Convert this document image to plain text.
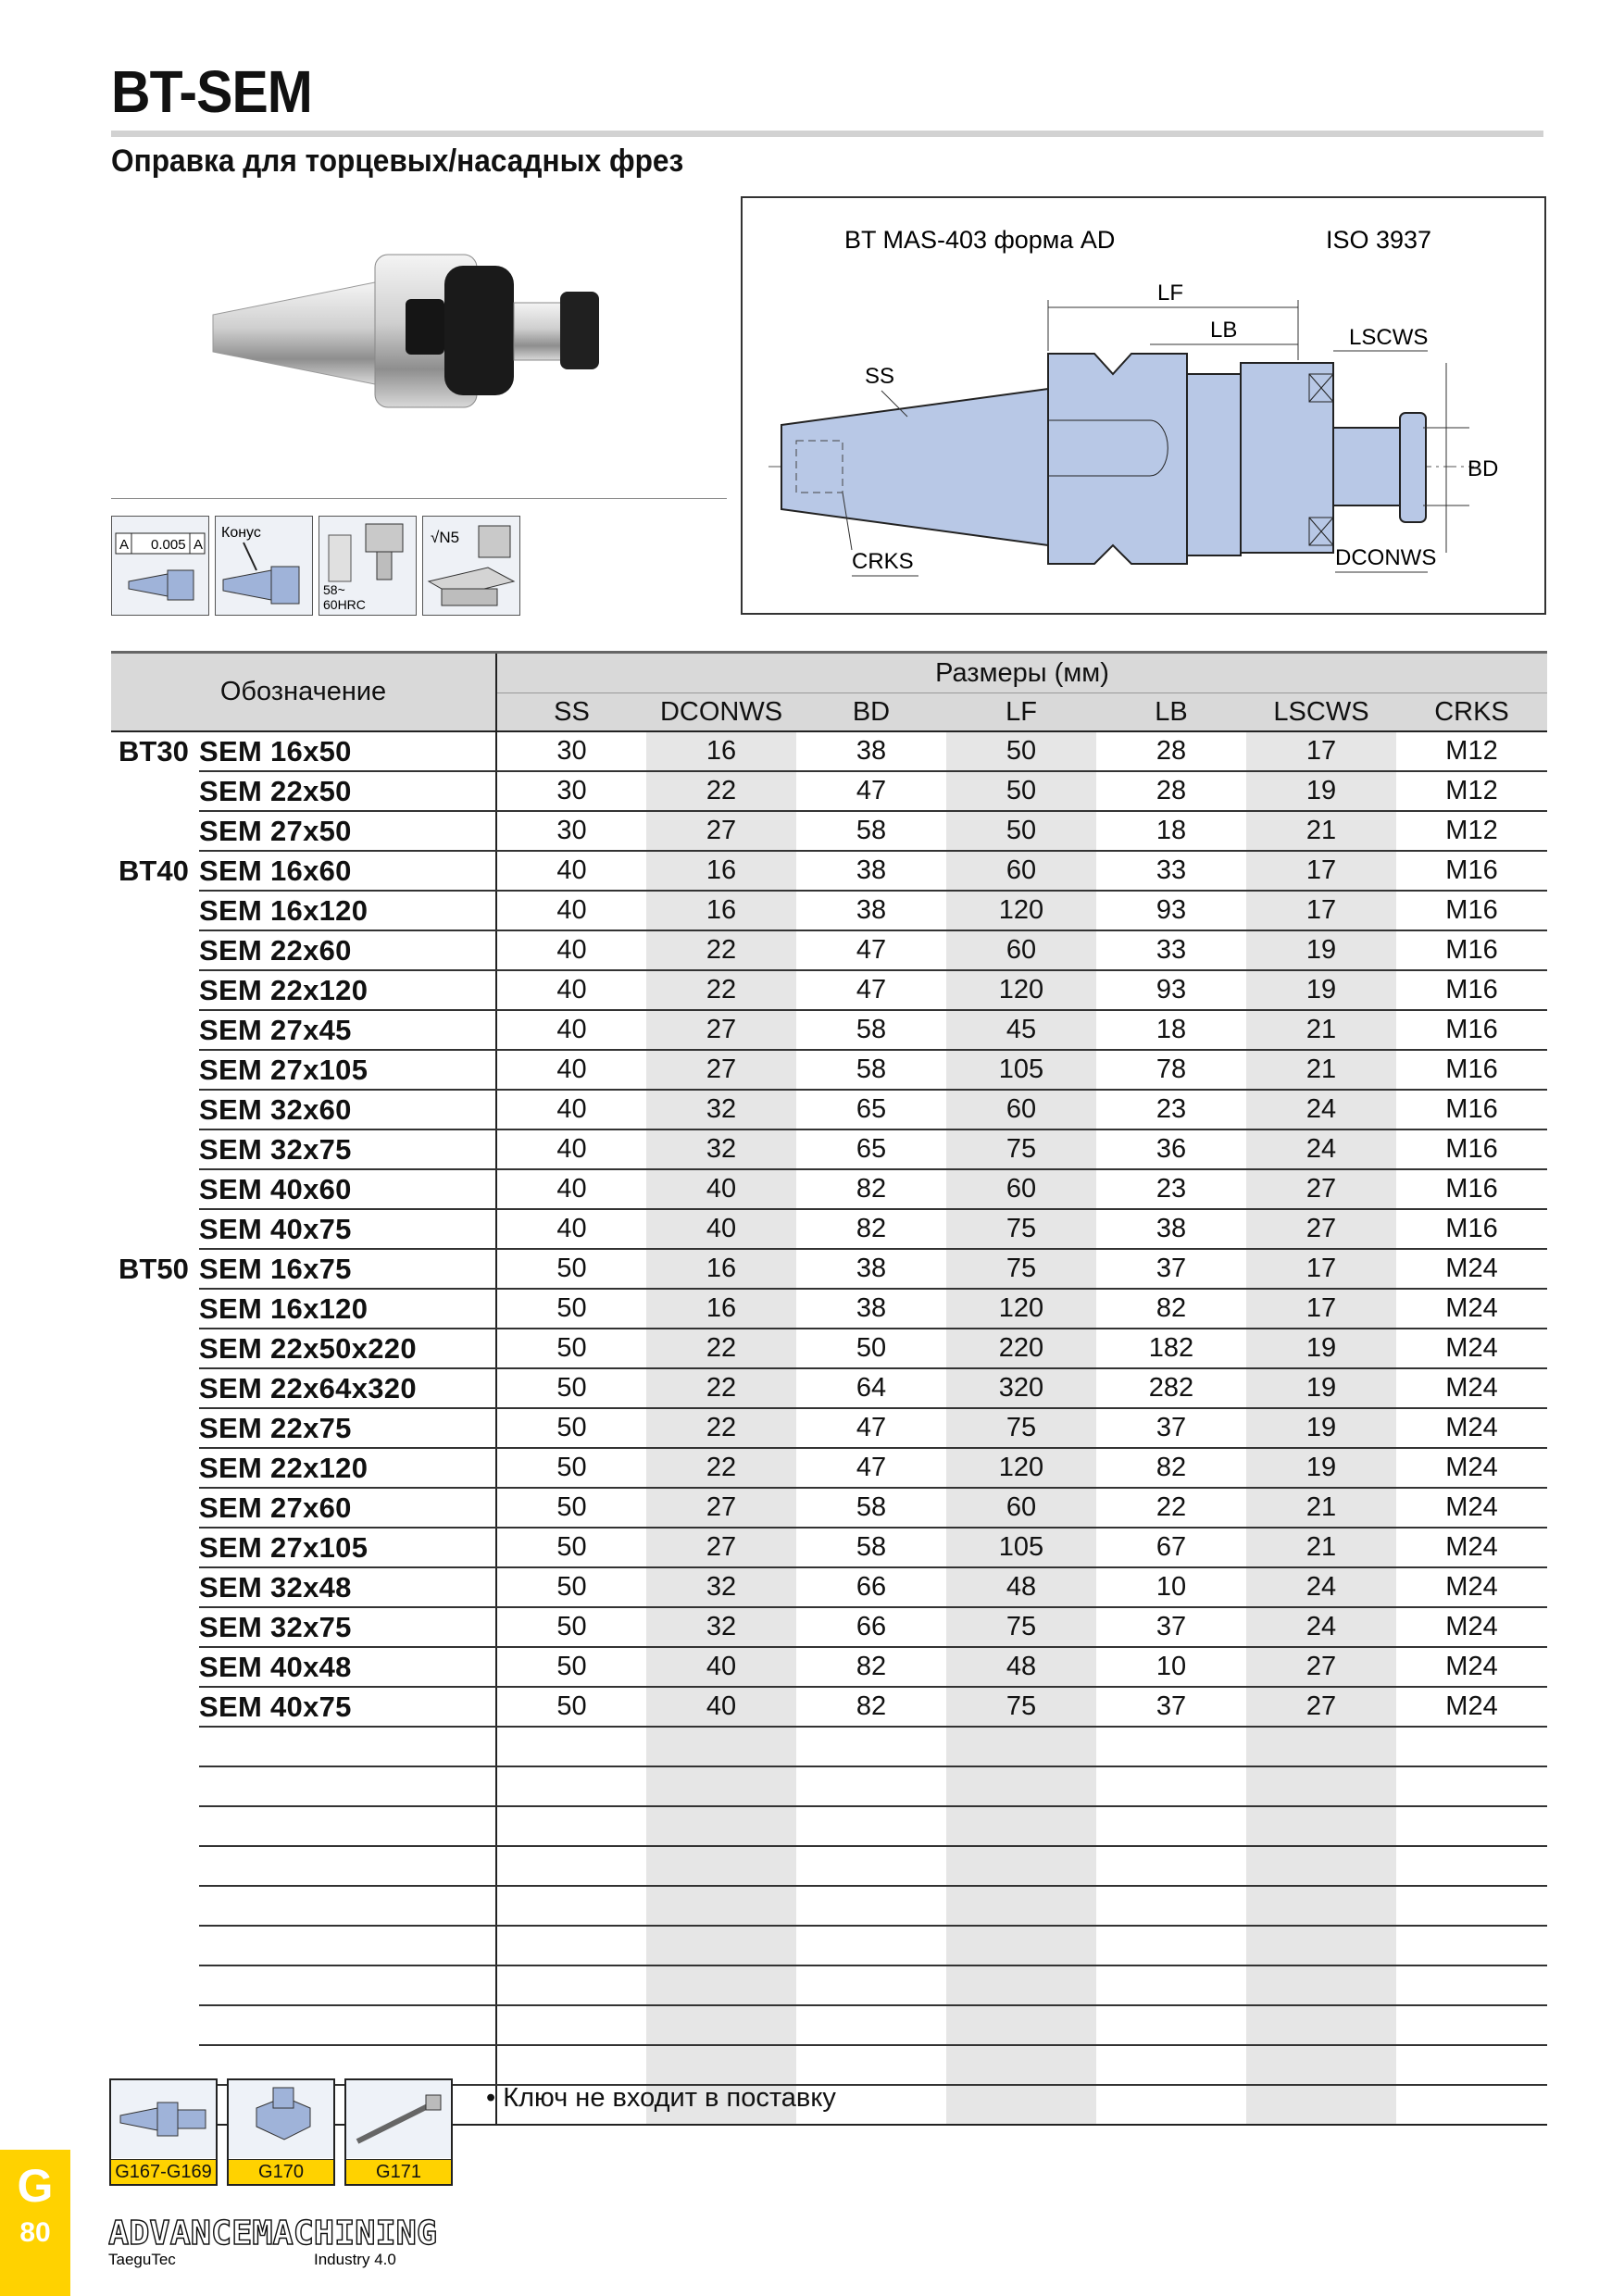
BT-SEM
Оправка для торцевых/насадных фрез
A 0.005 A
Конус
58~
60HRC
√N5
BT MAS-403 форма AD	ISO 3937
LF
LB	LSCWS
SS
BD
CRKS	DCONWS
Обозначение		Размеры (мм)						
		SS	DCONWS	BD	LF	LB	LSCWS	CRKS
BT30	SEM 16x50	30	16	38	50	28	17	M12
	SEM 22x50	30	22	47	50	28	19	M12
	SEM 27x50	30	27	58	50	18	21	M12
BT40	SEM 16x60	40	16	38	60	33	17	M16
	SEM 16x120	40	16	38	120	93	17	M16
	SEM 22x60	40	22	47	60	33	19	M16
	SEM 22x120	40	22	47	120	93	19	M16
	SEM 27x45	40	27	58	45	18	21	M16
	SEM 27x105	40	27	58	105	78	21	M16
	SEM 32x60	40	32	65	60	23	24	M16
	SEM 32x75	40	32	65	75	36	24	M16
	SEM 40x60	40	40	82	60	23	27	M16
	SEM 40x75	40	40	82	75	38	27	M16
BT50	SEM 16x75	50	16	38	75	37	17	M24
	SEM 16x120	50	16	38	120	82	17	M24
	SEM 22x50x220	50	22	50	220	182	19	M24
	SEM 22x64x320	50	22	64	320	282	19	M24
	SEM 22x75	50	22	47	75	37	19	M24
	SEM 22x120	50	22	47	120	82	19	M24
	SEM 27x60	50	27	58	60	22	21	M24
	SEM 27x105	50	27	58	105	67	21	M24
	SEM 32x48	50	32	66	48	10	24	M24
	SEM 32x75	50	32	66	75	37	24	M24
	SEM 40x48	50	40	82	48	10	27	M24
	SEM 40x75	50	40	82	75	37	27	M24

G167-G169	G170	G171
• Ключ не входит в поставку
G
80	ADVANCEMACHINING
TaeguTec	Industry 4.0
